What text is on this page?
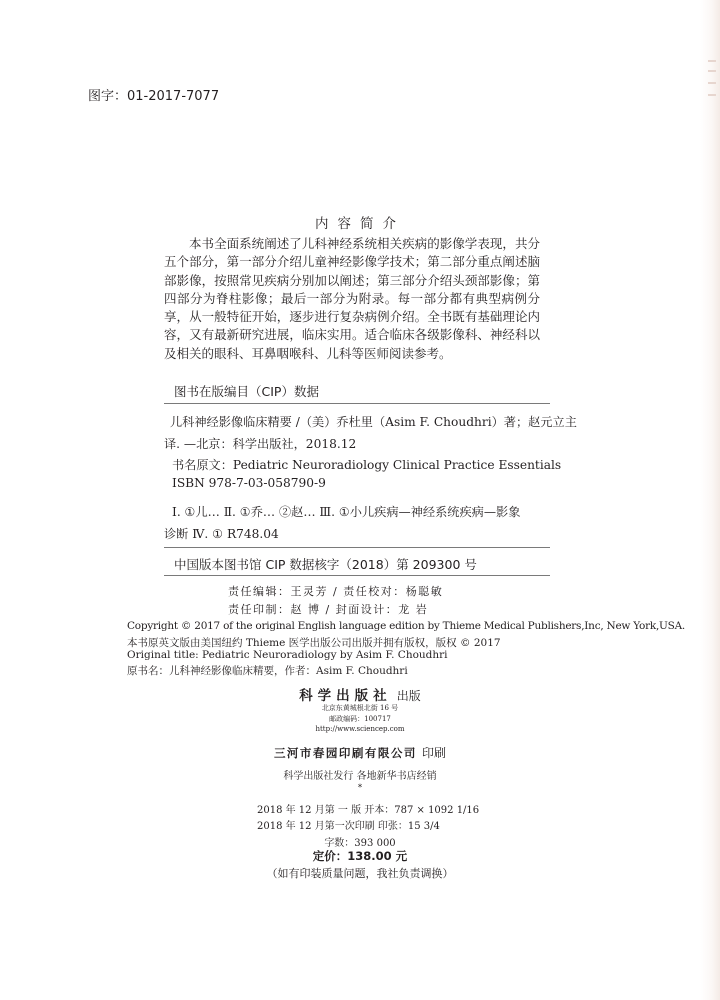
图字：01-2017-7077
内容简介
本书全面系统阐述了儿科神经系统相关疾病的影像学表现，共分五个部分，第一部分介绍儿童神经影像学技术；第二部分重点阐述脑部影像，按照常见疾病分别加以阐述；第三部分介绍头颈部影像；第四部分为脊柱影像；最后一部分为附录。每一部分都有典型病例分享，从一般特征开始，逐步进行复杂病例介绍。全书既有基础理论内容，又有最新研究进展，临床实用。适合临床各级影像科、神经科以及相关的眼科、耳鼻咽喉科、儿科等医师阅读参考。
图书在版编目（CIP）数据
儿科神经影像临床精要 /（美）乔杜里（Asim F. Choudhri）著；赵元立主
译. —北京：科学出版社，2018.12
书名原文：Pediatric Neuroradiology Clinical Practice Essentials
ISBN 978-7-03-058790-9
Ⅰ. ①儿… Ⅱ. ①乔… ②赵… Ⅲ. ①小儿疾病—神经系统疾病—影象
诊断 Ⅳ. ① R748.04
中国版本图书馆 CIP 数据核字（2018）第 209300 号
责任编辑：王灵芳 / 责任校对：杨聪敏
责任印制：赵 博 / 封面设计：龙 岩
Copyright © 2017 of the original English language edition by Thieme Medical Publishers,Inc, New York,USA.
本书原英文版由美国纽约 Thieme 医学出版公司出版并拥有版权，版权 © 2017
Original title: Pediatric Neuroradiology by Asim F. Choudhri
原书名：儿科神经影像临床精要，作者：Asim F. Choudhri
科学出版社 出版
北京东黄城根北街 16 号
邮政编码：100717
http://www.sciencep.com
三河市春园印刷有限公司 印刷
科学出版社发行 各地新华书店经销
*
2018 年 12 月第 一 版 开本：787 × 1092 1/16
2018 年 12 月第一次印刷 印张：15 3/4
字数：393 000
定价：138.00 元
（如有印装质量问题，我社负责调换）
